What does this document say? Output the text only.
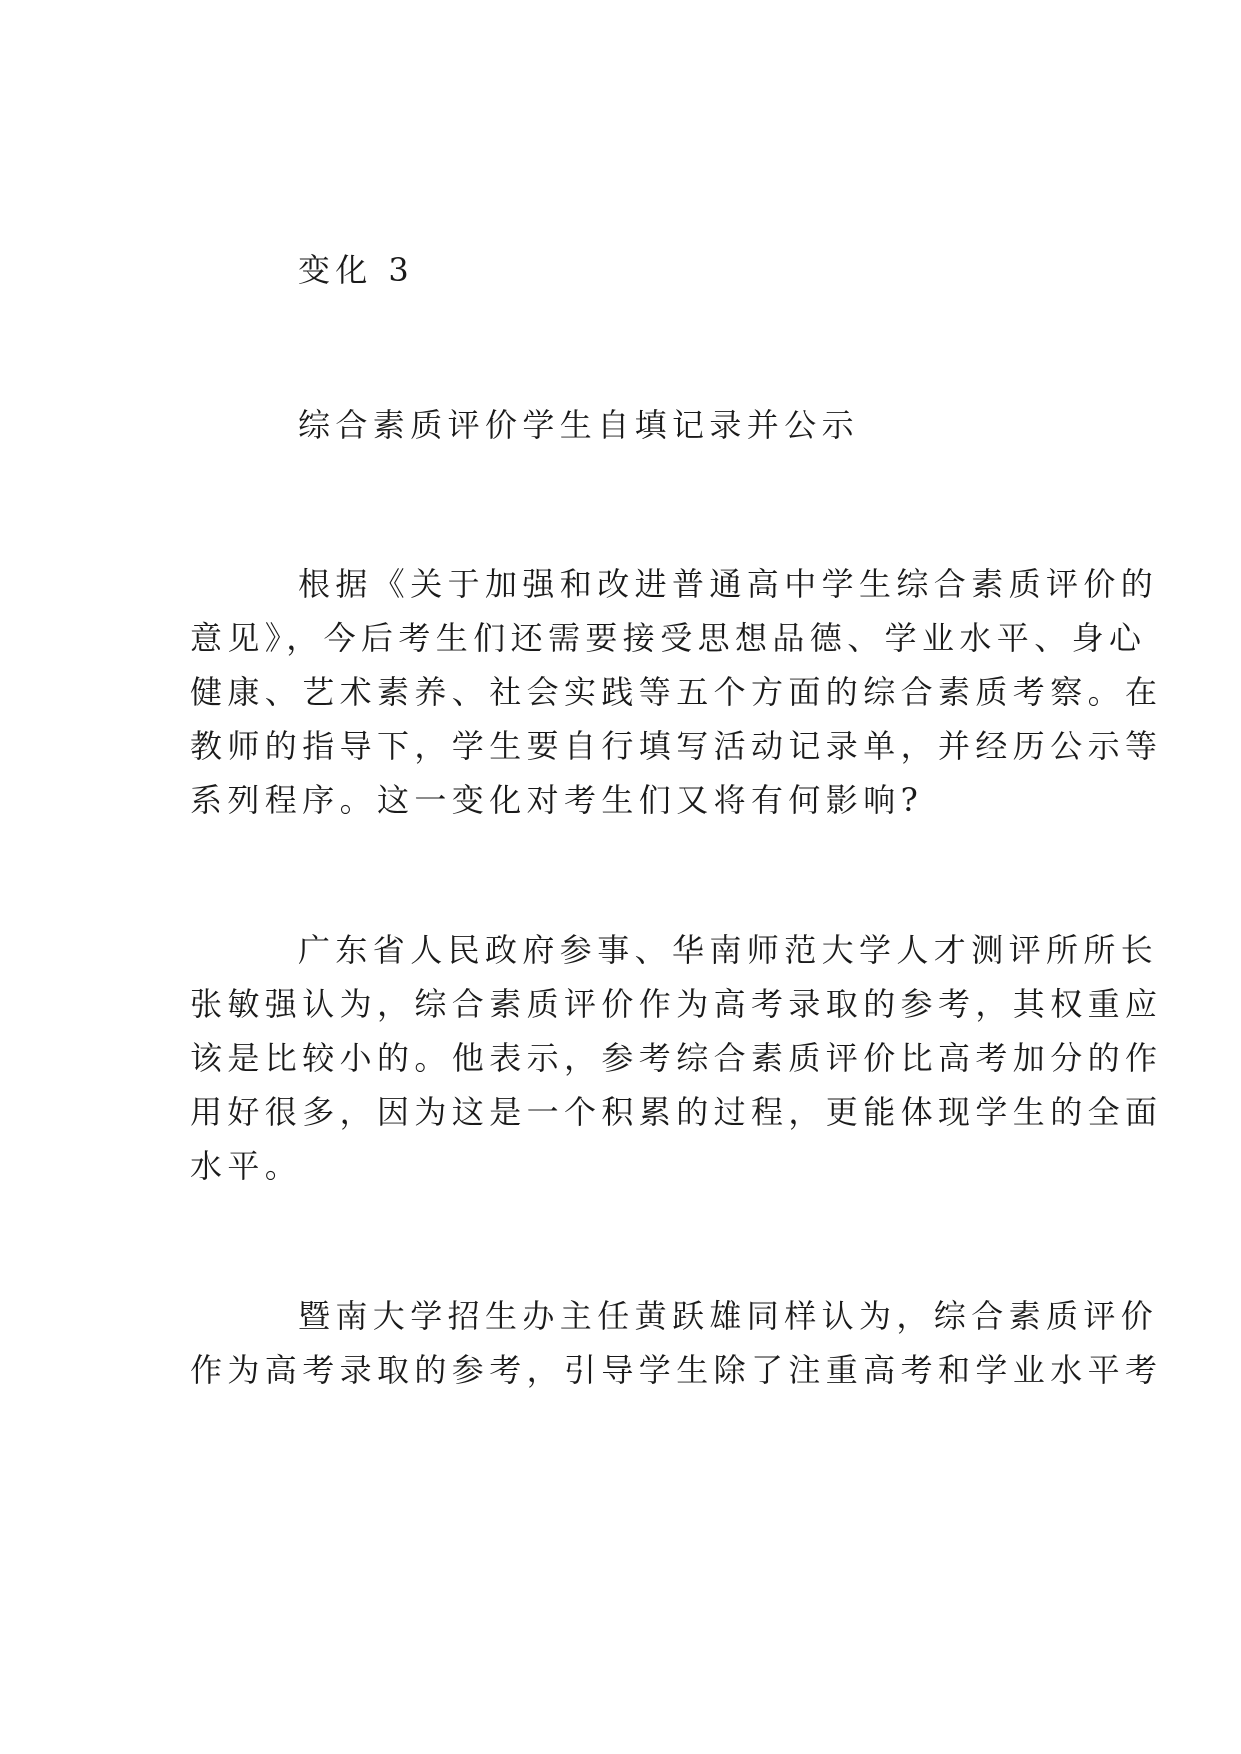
变化 3

综合素质评价学生自填记录并公示

根据《关于加强和改进普通高中学生综合素质评价的

意见》，今后考生们还需要接受思想品德、学业水平、身心

健康、艺术素养、社会实践等五个方面的综合素质考察。在

教师的指导下，学生要自行填写活动记录单，并经历公示等

系列程序。这一变化对考生们又将有何影响?

广东省人民政府参事、华南师范大学人才测评所所长

张敏强认为，综合素质评价作为高考录取的参考，其权重应

该是比较小的。他表示，参考综合素质评价比高考加分的作

用好很多，因为这是一个积累的过程，更能体现学生的全面

水平。

暨南大学招生办主任黄跃雄同样认为，综合素质评价

作为高考录取的参考，引导学生除了注重高考和学业水平考
